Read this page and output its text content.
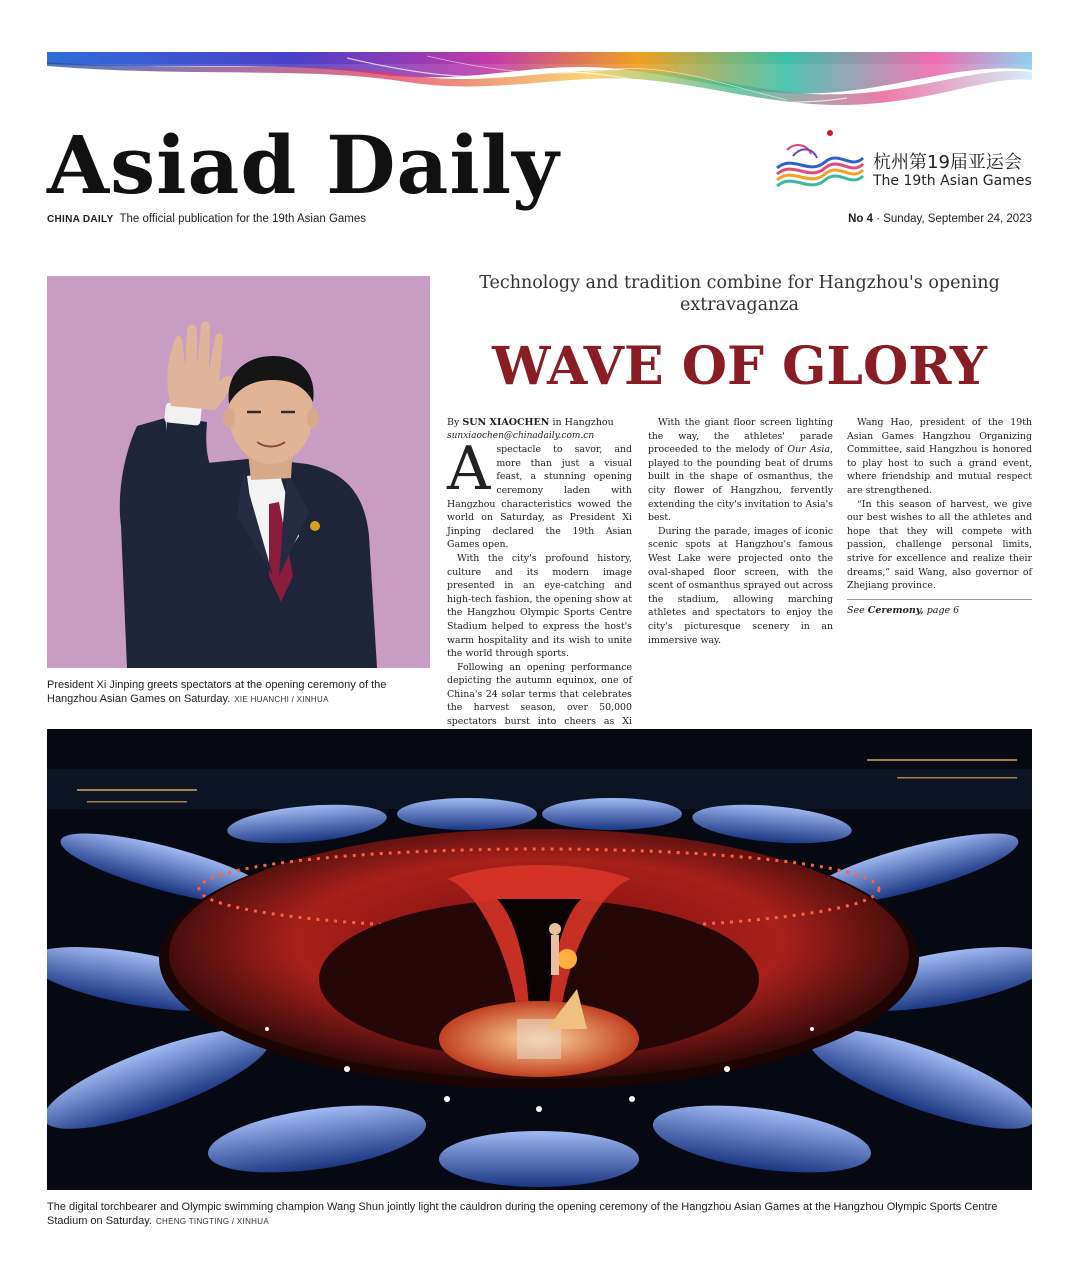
Asiad Daily	杭州第19届亚运会
The 19th Asian Games
CHINA DAILY The official publication for the 19th Asian Games	No 4 · Sunday, September 24, 2023
President Xi Jinping greets spectators at the opening ceremony of the Hangzhou Asian Games on Saturday. XIE HUANCHI / XINHUA
Technology and tradition combine for Hangzhou's opening extravaganza
WAVE OF GLORY

By SUN XIAOCHEN in Hangzhou

sunxiaochen@chinadaily.com.cn

Aspectacle to savor, and more than just a visual feast, a stunning opening ceremony laden with Hangzhou characteristics wowed the world on Saturday, as President Xi Jinping declared the 19th Asian Games open.

With the city's profound history, culture and its modern image presented in an eye-catching and high-tech fashion, the opening show at the Hangzhou Olympic Sports Centre Stadium helped to express the host's warm hospitality and its wish to unite the world through sports.

Following an opening performance depicting the autumn equinox, one of China's 24 solar terms that celebrates the harvest season, over 50,000 spectators burst into cheers as Xi

With the giant floor screen lighting the way, the athletes' parade proceeded to the melody of Our Asia, played to the pounding beat of drums built in the shape of osmanthus, the city flower of Hangzhou, fervently extending the city's invitation to Asia's best.

During the parade, images of iconic scenic spots at Hangzhou's famous West Lake were projected onto the oval-shaped floor screen, with the scent of osmanthus sprayed out across the stadium, allowing marching athletes and spectators to enjoy the city's picturesque scenery in an immersive way.

Wang Hao, president of the 19th Asian Games Hangzhou Organizing Committee, said Hangzhou is honored to play host to such a grand event, where friendship and mutual respect are strengthened.

“In this season of harvest, we give our best wishes to all the athletes and hope that they will compete with passion, challenge personal limits, strive for excellence and realize their dreams,” said Wang, also governor of Zhejiang province.

See Ceremony, page 6
The digital torchbearer and Olympic swimming champion Wang Shun jointly light the cauldron during the opening ceremony of the Hangzhou Asian Games at the Hangzhou Olympic Sports Centre Stadium on Saturday. CHENG TINGTING / XINHUA
